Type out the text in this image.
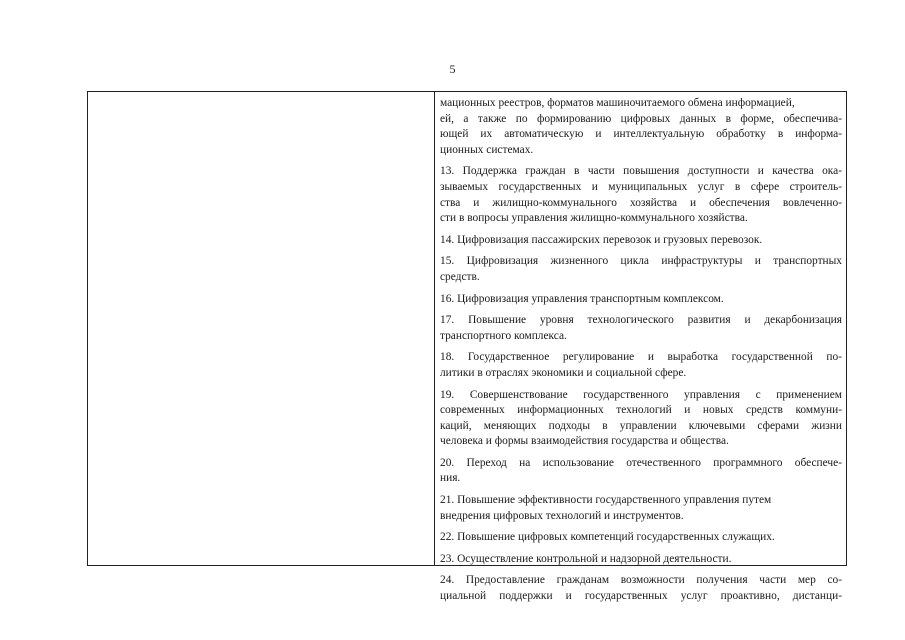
5
мационных реестров, форматов машиночитаемого обмена информацией,
ей, а также по формированию цифровых данных в форме, обеспечива-
ющей их автоматическую и интеллектуальную обработку в информа-
ционных системах.
13. Поддержка граждан в части повышения доступности и качества ока-
зываемых государственных и муниципальных услуг в сфере строитель-
ства и жилищно-коммунального хозяйства и обеспечения вовлеченно-
сти в вопросы управления жилищно-коммунального хозяйства.
14. Цифровизация пассажирских перевозок и грузовых перевозок.
15. Цифровизация жизненного цикла инфраструктуры и транспортных
средств.
16. Цифровизация управления транспортным комплексом.
17. Повышение уровня технологического развития и декарбонизация
транспортного комплекса.
18. Государственное регулирование и выработка государственной по-
литики в отраслях экономики и социальной сфере.
19. Совершенствование государственного управления с применением
современных информационных технологий и новых средств коммуни-
каций, меняющих подходы в управлении ключевыми сферами жизни
человека и формы взаимодействия государства и общества.
20. Переход на использование отечественного программного обеспече-
ния.
21. Повышение эффективности государственного управления путем
внедрения цифровых технологий и инструментов.
22. Повышение цифровых компетенций государственных служащих.
23. Осуществление контрольной и надзорной деятельности.
24. Предоставление гражданам возможности получения части мер со-
циальной поддержки и государственных услуг проактивно, дистанци-
